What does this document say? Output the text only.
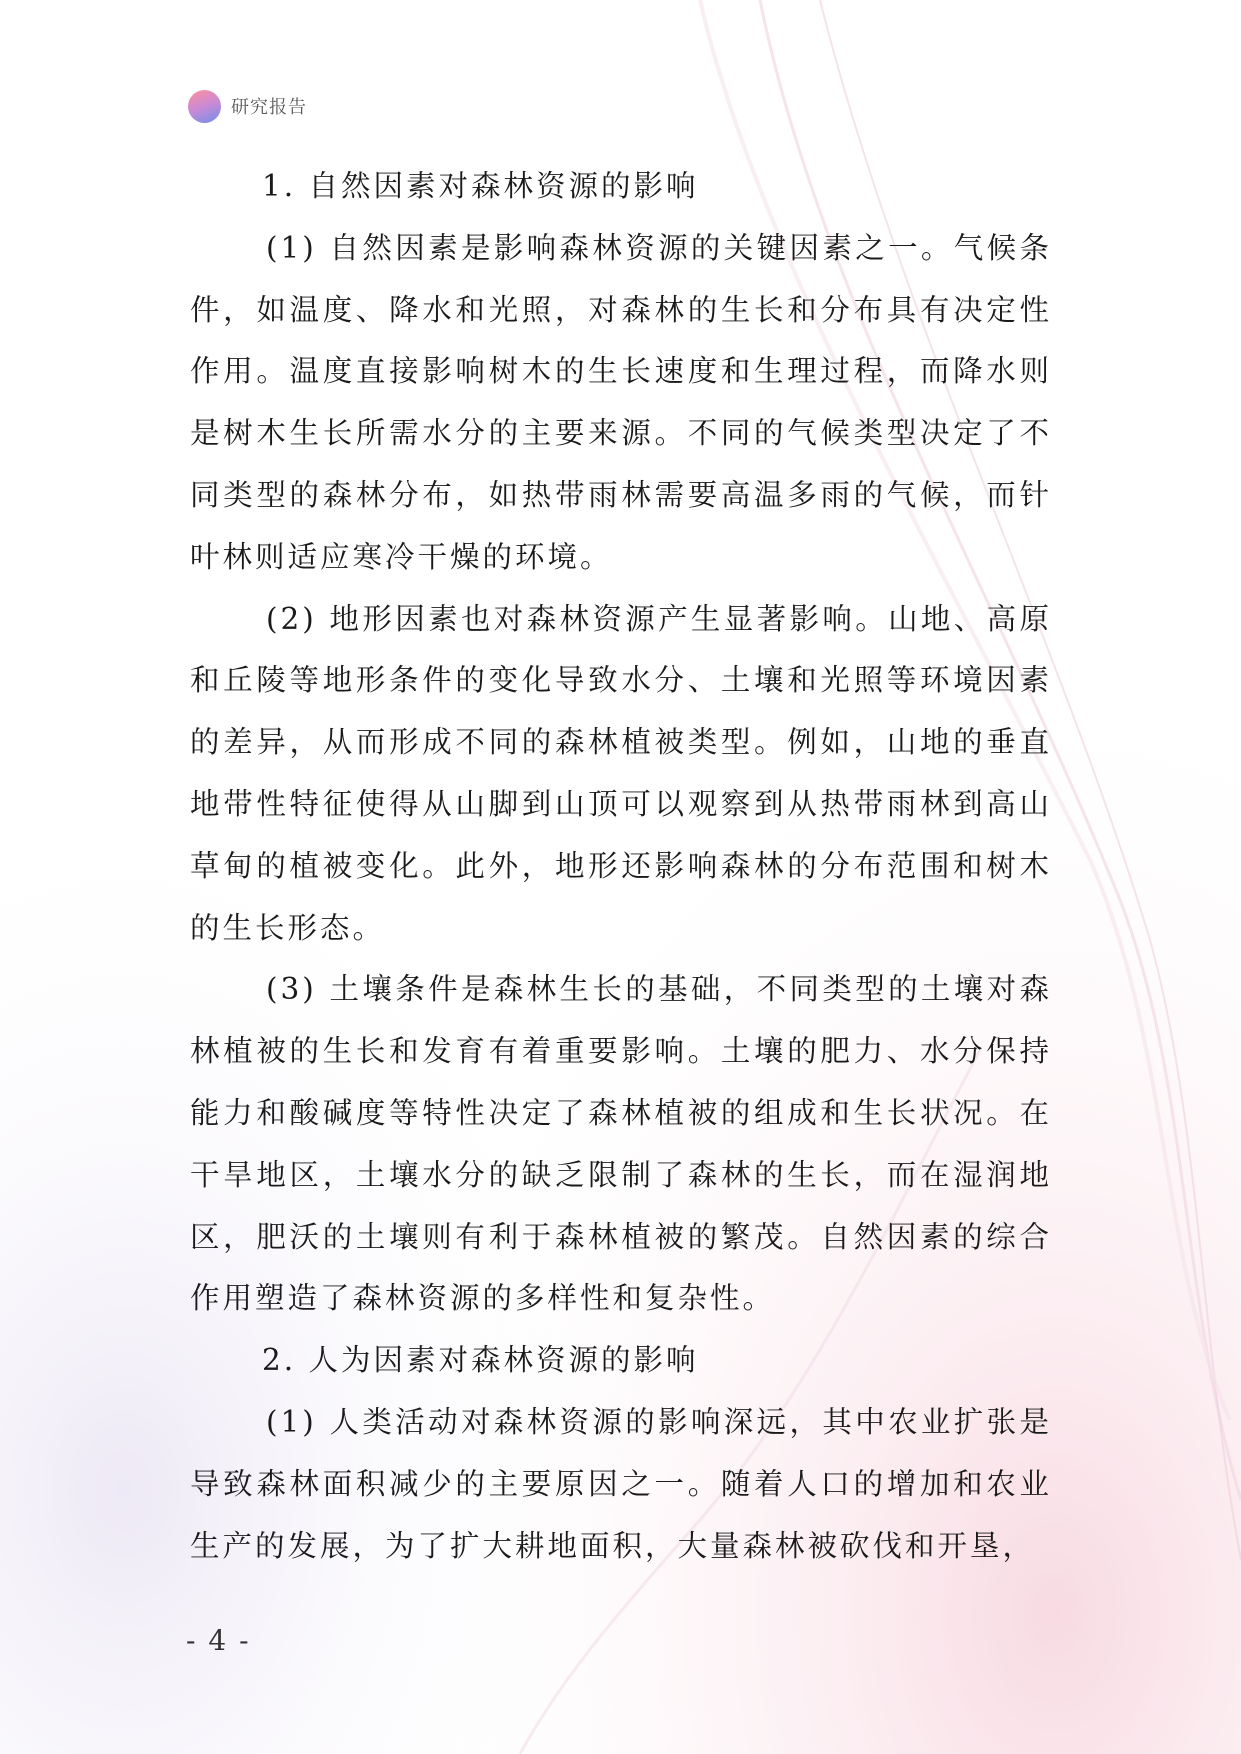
研究报告

1. 自然因素对森林资源的影响

(1) 自然因素是影响森林资源的关键因素之一。气候条件，如温度、降水和光照，对森林的生长和分布具有决定性作用。温度直接影响树木的生长速度和生理过程，而降水则是树木生长所需水分的主要来源。不同的气候类型决定了不同类型的森林分布，如热带雨林需要高温多雨的气候，而针叶林则适应寒冷干燥的环境。

(2) 地形因素也对森林资源产生显著影响。山地、高原和丘陵等地形条件的变化导致水分、土壤和光照等环境因素的差异，从而形成不同的森林植被类型。例如，山地的垂直地带性特征使得从山脚到山顶可以观察到从热带雨林到高山草甸的植被变化。此外，地形还影响森林的分布范围和树木的生长形态。

(3) 土壤条件是森林生长的基础，不同类型的土壤对森林植被的生长和发育有着重要影响。土壤的肥力、水分保持能力和酸碱度等特性决定了森林植被的组成和生长状况。在干旱地区，土壤水分的缺乏限制了森林的生长，而在湿润地区，肥沃的土壤则有利于森林植被的繁茂。自然因素的综合作用塑造了森林资源的多样性和复杂性。

2. 人为因素对森林资源的影响

(1) 人类活动对森林资源的影响深远，其中农业扩张是导致森林面积减少的主要原因之一。随着人口的增加和农业生产的发展，为了扩大耕地面积，大量森林被砍伐和开垦，

- 4 -
